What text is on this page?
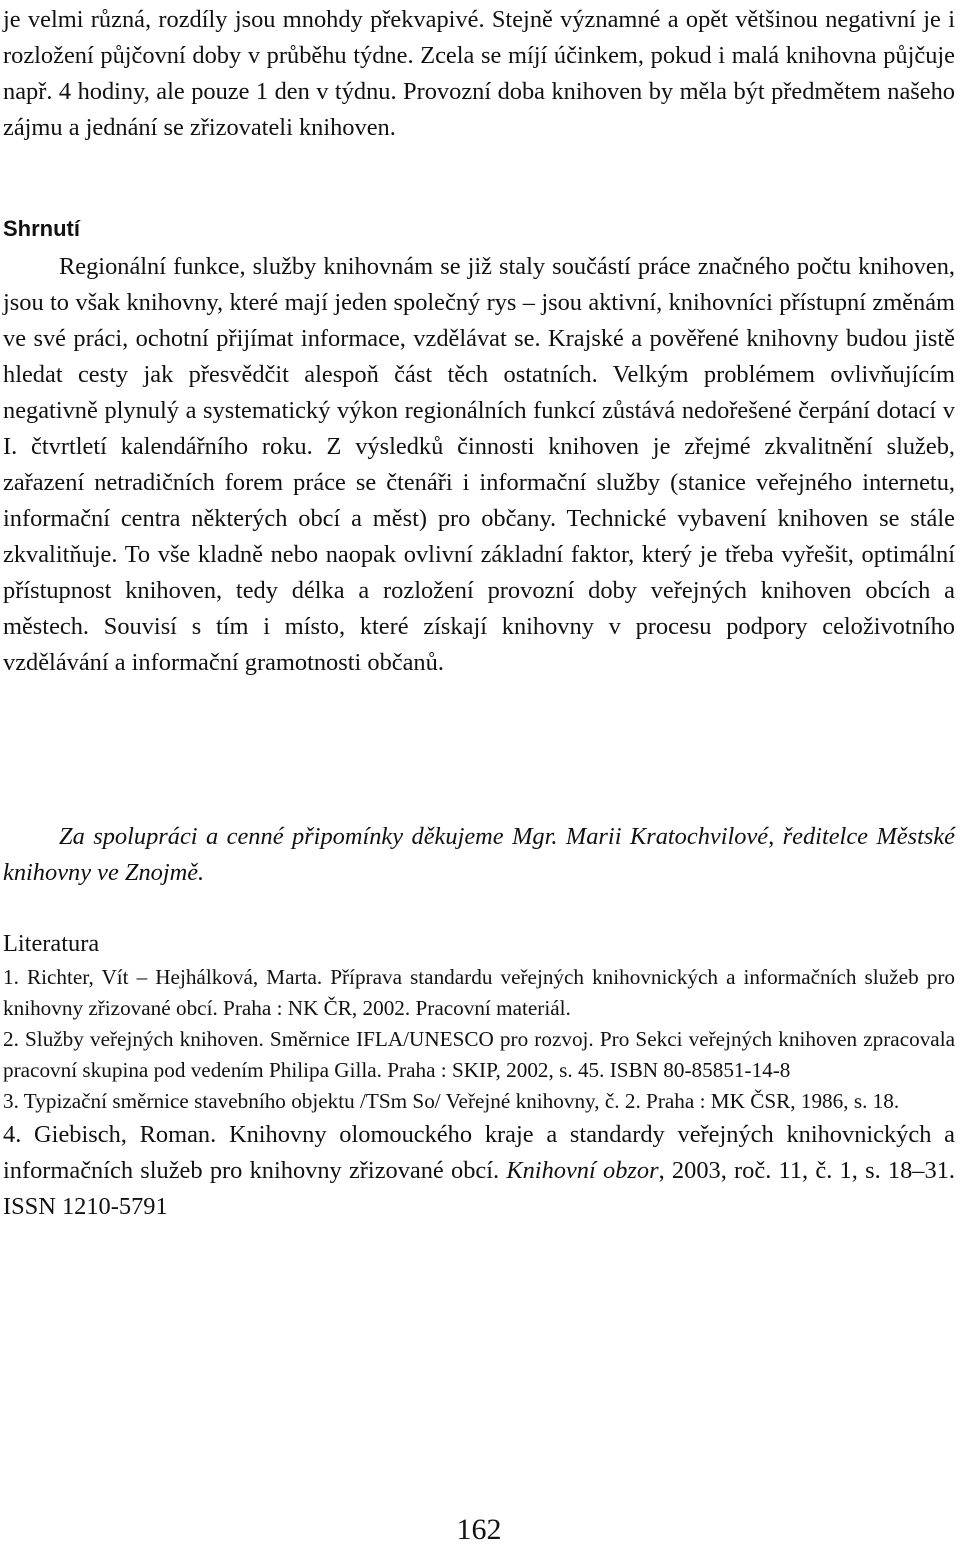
je velmi různá, rozdíly jsou mnohdy překvapivé. Stejně významné a opět většinou negativní je i rozložení půjčovní doby v průběhu týdne. Zcela se míjí účinkem, pokud i malá knihovna půjčuje např. 4 hodiny, ale pouze 1 den v týdnu. Provozní doba knihoven by měla být předmětem našeho zájmu a jednání se zřizovateli knihoven.

Shrnutí

Regionální funkce, služby knihovnám se již staly součástí práce značného počtu knihoven, jsou to však knihovny, které mají jeden společný rys – jsou aktivní, knihovníci přístupní změnám ve své práci, ochotní přijímat informace, vzdělávat se. Krajské a pověřené knihovny budou jistě hledat cesty jak přesvědčit alespoň část těch ostatních. Velkým problémem ovlivňujícím negativně plynulý a systematický výkon regionálních funkcí zůstává nedořešené čerpání dotací v I. čtvrtletí kalendářního roku. Z výsledků činnosti knihoven je zřejmé zkvalitnění služeb, zařazení netradičních forem práce se čtenáři i informační služby (stanice veřejného internetu, informační centra některých obcí a měst) pro občany. Technické vybavení knihoven se stále zkvalitňuje. To vše kladně nebo naopak ovlivní základní faktor, který je třeba vyřešit, optimální přístupnost knihoven, tedy délka a rozložení provozní doby veřejných knihoven obcích a městech. Souvisí s tím i místo, které získají knihovny v procesu podpory celoživotního vzdělávání a informační gramotnosti občanů.

Za spolupráci a cenné připomínky děkujeme Mgr. Marii Kratochvilové, ředitelce Městské knihovny ve Znojmě.

Literatura
1. Richter, Vít – Hejhálková, Marta. Příprava standardu veřejných knihovnických a informačních služeb pro knihovny zřizované obcí. Praha : NK ČR, 2002. Pracovní materiál.
2. Služby veřejných knihoven. Směrnice IFLA/UNESCO pro rozvoj. Pro Sekci veřejných knihoven zpracovala pracovní skupina pod vedením Philipa Gilla. Praha : SKIP, 2002, s. 45. ISBN 80-85851-14-8
3. Typizační směrnice stavebního objektu /TSm So/ Veřejné knihovny, č. 2. Praha : MK ČSR, 1986, s. 18.
4. Giebisch, Roman. Knihovny olomouckého kraje a standardy veřejných knihovnických a informačních služeb pro knihovny zřizované obcí. Knihovní obzor, 2003, roč. 11, č. 1, s. 18–31. ISSN 1210-5791
162
